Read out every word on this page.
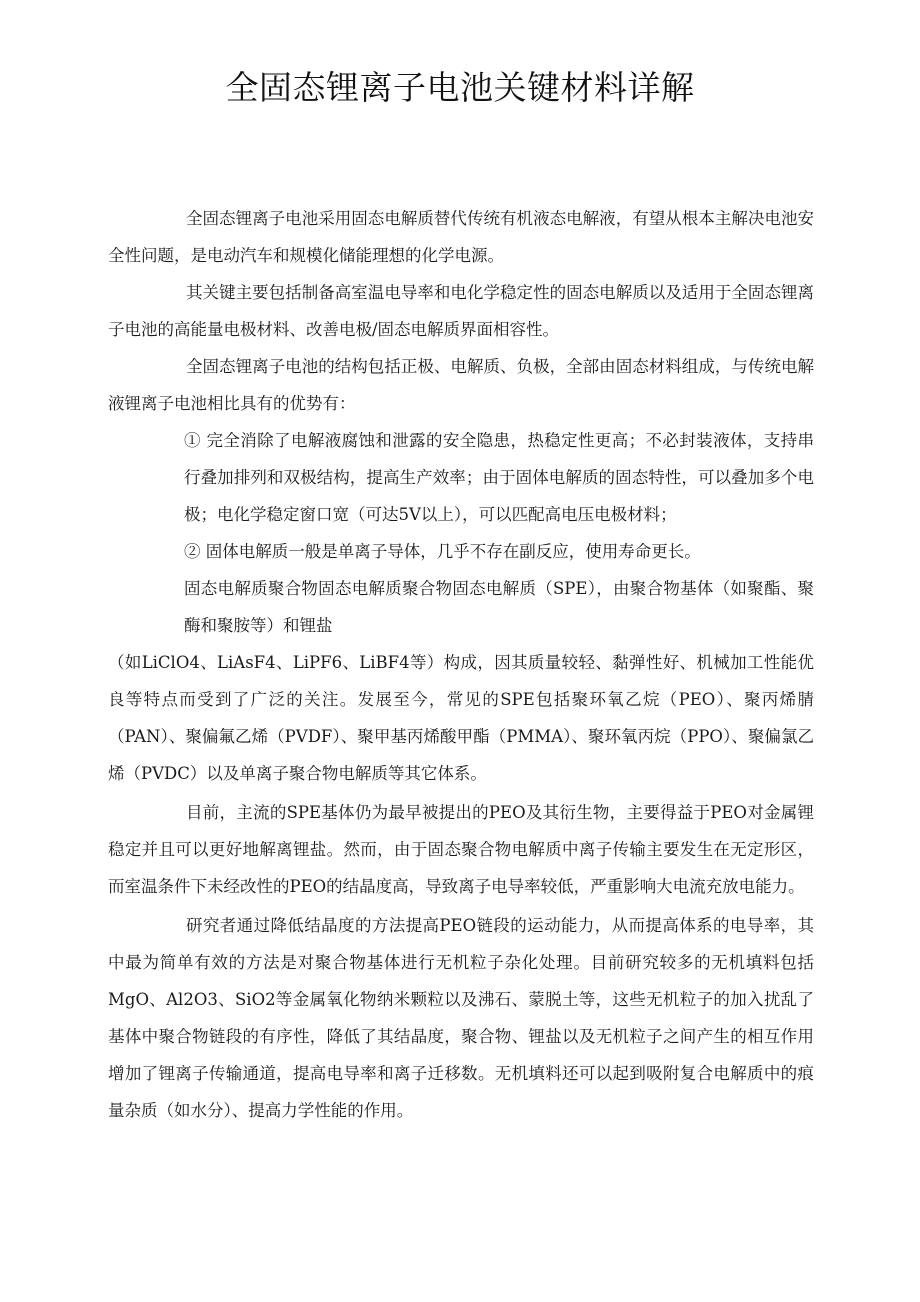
全固态锂离子电池关键材料详解

全固态锂离子电池采用固态电解质替代传统有机液态电解液，有望从根本主解决电池安全性问题，是电动汽车和规模化储能理想的化学电源。

其关键主要包括制备高室温电导率和电化学稳定性的固态电解质以及适用于全固态锂离子电池的高能量电极材料、改善电极/固态电解质界面相容性。

全固态锂离子电池的结构包括正极、电解质、负极，全部由固态材料组成，与传统电解液锂离子电池相比具有的优势有：

① 完全消除了电解液腐蚀和泄露的安全隐患，热稳定性更高；不必封装液体，支持串行叠加排列和双极结构，提高生产效率；由于固体电解质的固态特性，可以叠加多个电极；电化学稳定窗口宽（可达5V以上），可以匹配高电压电极材料；

② 固体电解质一般是单离子导体，几乎不存在副反应，使用寿命更长。

固态电解质聚合物固态电解质聚合物固态电解质（SPE），由聚合物基体（如聚酯、聚酶和聚胺等）和锂盐

（如LiClO4、LiAsF4、LiPF6、LiBF4等）构成，因其质量较轻、黏弹性好、机械加工性能优良等特点而受到了广泛的关注。发展至今，常见的SPE包括聚环氧乙烷（PEO）、聚丙烯腈（PAN）、聚偏氟乙烯（PVDF）、聚甲基丙烯酸甲酯（PMMA）、聚环氧丙烷（PPO）、聚偏氯乙烯（PVDC）以及单离子聚合物电解质等其它体系。

目前，主流的SPE基体仍为最早被提出的PEO及其衍生物，主要得益于PEO对金属锂稳定并且可以更好地解离锂盐。然而，由于固态聚合物电解质中离子传输主要发生在无定形区，而室温条件下未经改性的PEO的结晶度高，导致离子电导率较低，严重影响大电流充放电能力。

研究者通过降低结晶度的方法提高PEO链段的运动能力，从而提高体系的电导率，其中最为简单有效的方法是对聚合物基体进行无机粒子杂化处理。目前研究较多的无机填料包括MgO、Al2O3、SiO2等金属氧化物纳米颗粒以及沸石、蒙脱土等，这些无机粒子的加入扰乱了基体中聚合物链段的有序性，降低了其结晶度，聚合物、锂盐以及无机粒子之间产生的相互作用增加了锂离子传输通道，提高电导率和离子迁移数。无机填料还可以起到吸附复合电解质中的痕量杂质（如水分）、提高力学性能的作用。
